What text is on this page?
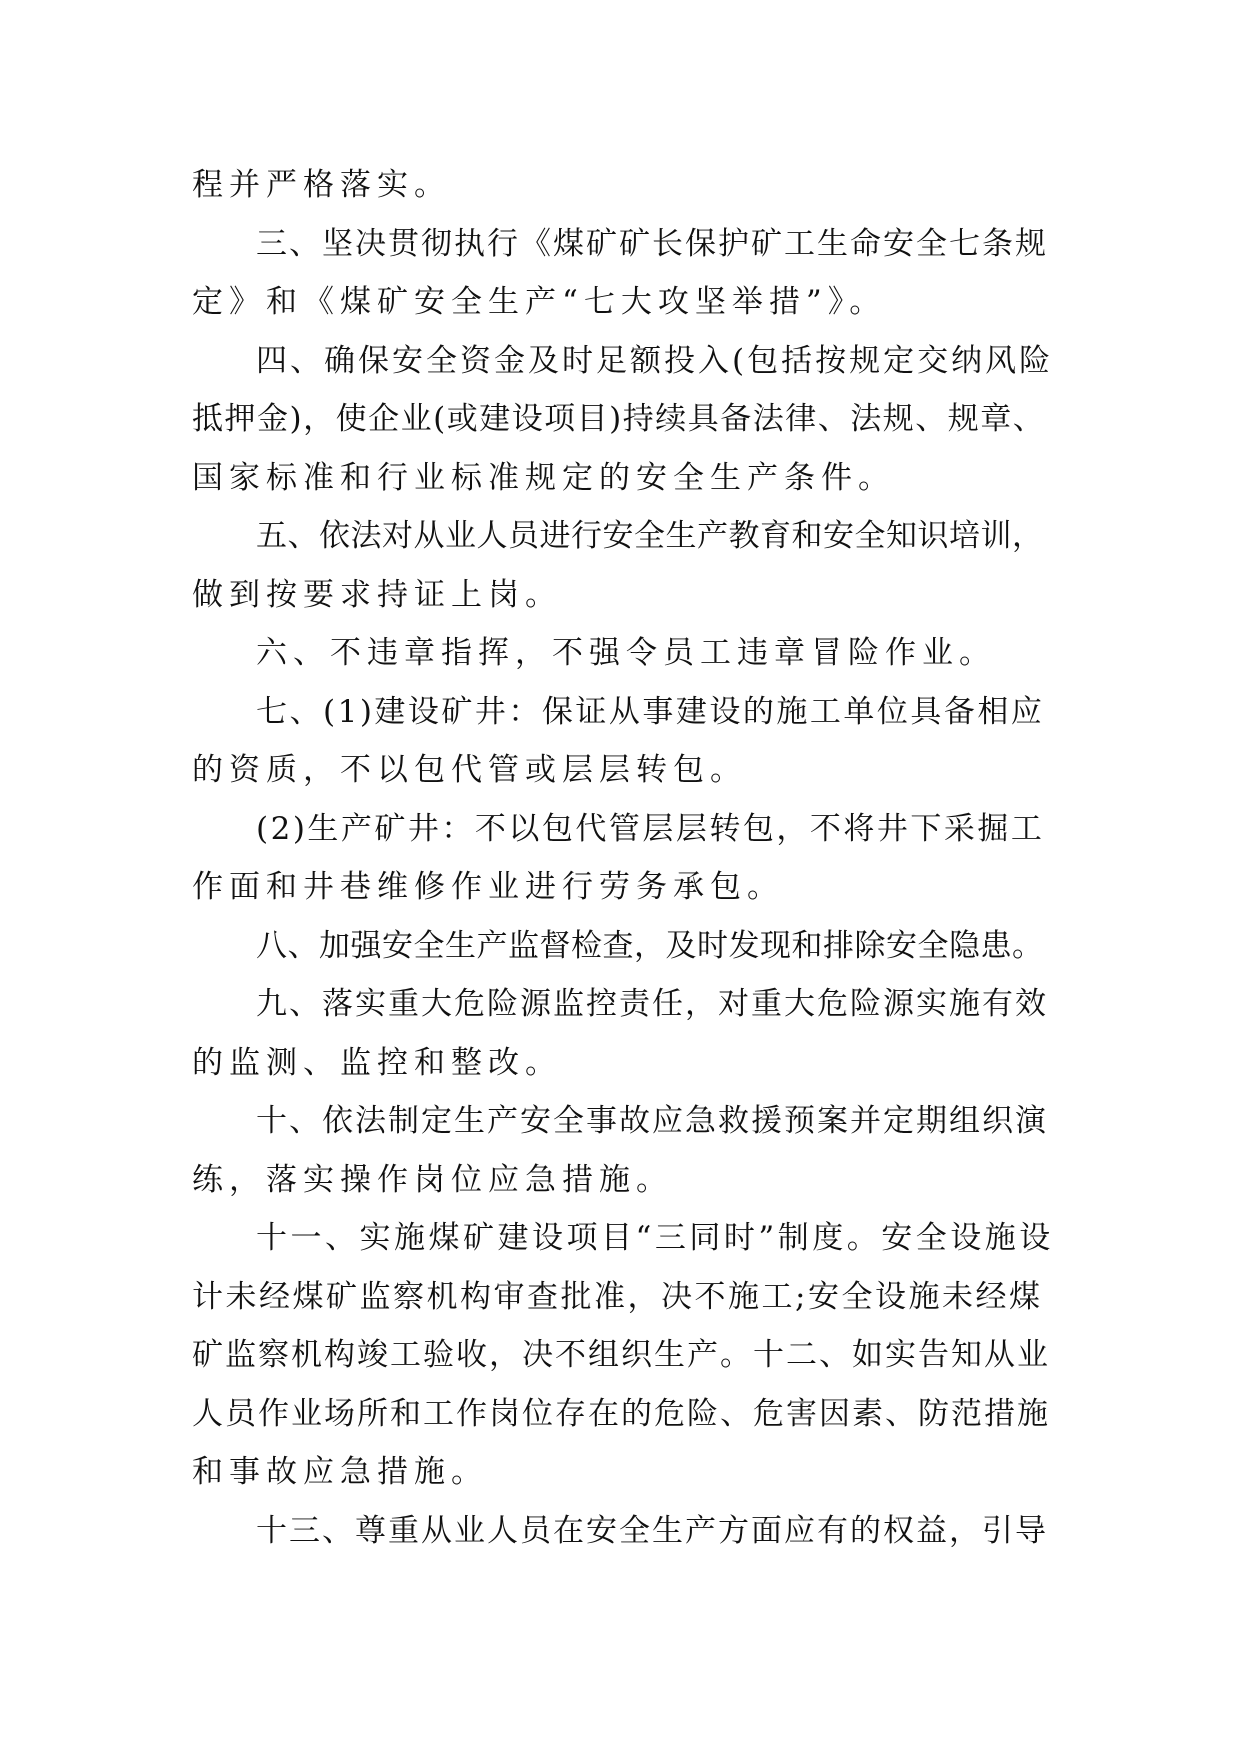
程并严格落实。
三、坚决贯彻执行《煤矿矿长保护矿工生命安全七条规
定》和《煤矿安全生产“七大攻坚举措”》。
四、确保安全资金及时足额投入(包括按规定交纳风险
抵押金)，使企业(或建设项目)持续具备法律、法规、规章、
国家标准和行业标准规定的安全生产条件。
五、依法对从业人员进行安全生产教育和安全知识培训，
做到按要求持证上岗。
六、不违章指挥，不强令员工违章冒险作业。
七、(1)建设矿井：保证从事建设的施工单位具备相应
的资质，不以包代管或层层转包。
(2)生产矿井：不以包代管层层转包，不将井下采掘工
作面和井巷维修作业进行劳务承包。
八、加强安全生产监督检查，及时发现和排除安全隐患。
九、落实重大危险源监控责任，对重大危险源实施有效
的监测、监控和整改。
十、依法制定生产安全事故应急救援预案并定期组织演
练，落实操作岗位应急措施。
十一、实施煤矿建设项目“三同时”制度。安全设施设
计未经煤矿监察机构审查批准，决不施工;安全设施未经煤
矿监察机构竣工验收，决不组织生产。十二、如实告知从业
人员作业场所和工作岗位存在的危险、危害因素、防范措施
和事故应急措施。
十三、尊重从业人员在安全生产方面应有的权益，引导
